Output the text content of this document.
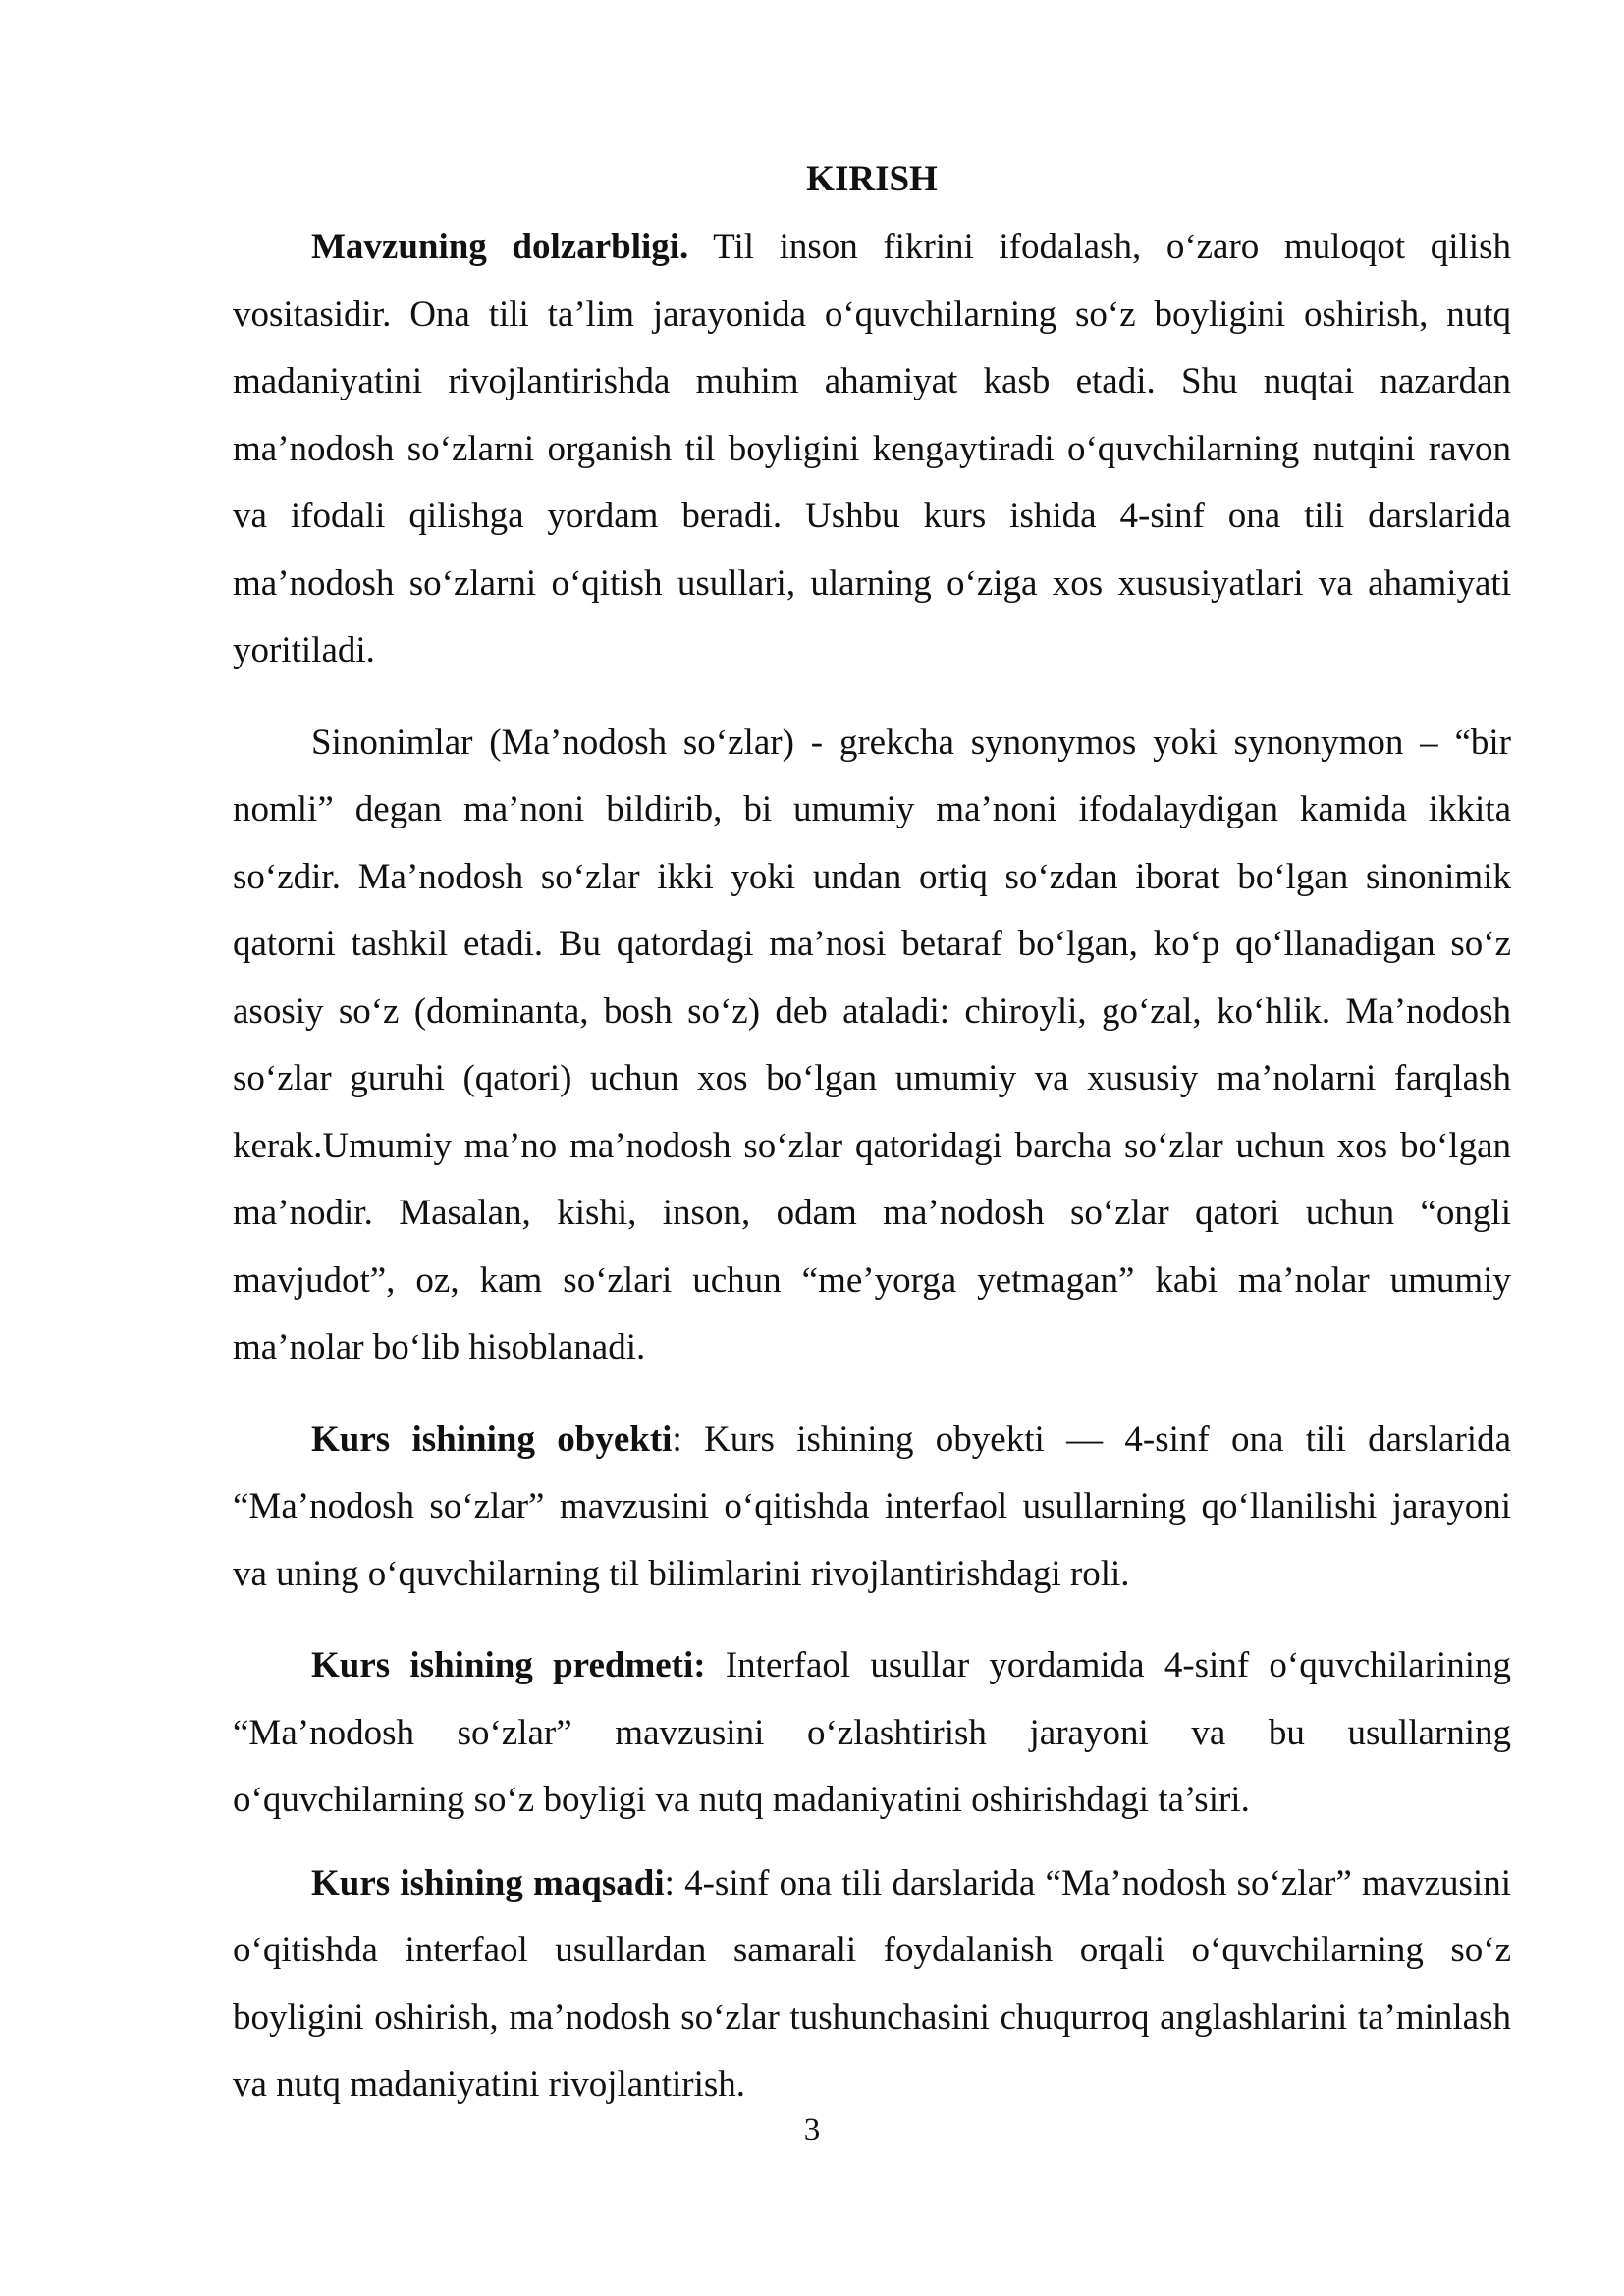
KIRISH

Mavzuning dolzarbligi. Til inson fikrini ifodalash, o‘zaro muloqot qilish vositasidir. Ona tili ta’lim jarayonida o‘quvchilarning so‘z boyligini oshirish, nutq madaniyatini rivojlantirishda muhim ahamiyat kasb etadi. Shu nuqtai nazardan ma’nodosh so‘zlarni organish til boyligini kengaytiradi o‘quvchilarning nutqini ravon va ifodali qilishga yordam beradi. Ushbu kurs ishida 4-sinf ona tili darslarida ma’nodosh so‘zlarni o‘qitish usullari, ularning o‘ziga xos xususiyatlari va ahamiyati yoritiladi.

Sinonimlar (Ma’nodosh so‘zlar) - grekcha synonymos yoki synonymon – “bir nomli” degan ma’noni bildirib, bi umumiy ma’noni ifodalaydigan kamida ikkita so‘zdir. Ma’nodosh so‘zlar ikki yoki undan ortiq so‘zdan iborat bo‘lgan sinonimik qatorni tashkil etadi. Bu qatordagi ma’nosi betaraf bo‘lgan, ko‘p qo‘llanadigan so‘z asosiy so‘z (dominanta, bosh so‘z) deb ataladi: chiroyli, go‘zal, ko‘hlik. Ma’nodosh so‘zlar guruhi (qatori) uchun xos bo‘lgan umumiy va xususiy ma’nolarni farqlash kerak.Umumiy ma’no ma’nodosh so‘zlar qatoridagi barcha so‘zlar uchun xos bo‘lgan ma’nodir. Masalan, kishi, inson, odam ma’nodosh so‘zlar qatori uchun “ongli mavjudot”, oz, kam so‘zlari uchun “me’yorga yetmagan” kabi ma’nolar umumiy ma’nolar bo‘lib hisoblanadi.

Kurs ishining obyekti: Kurs ishining obyekti — 4-sinf ona tili darslarida “Ma’nodosh so‘zlar” mavzusini o‘qitishda interfaol usullarning qo‘llanilishi jarayoni va uning o‘quvchilarning til bilimlarini rivojlantirishdagi roli.

Kurs ishining predmeti: Interfaol usullar yordamida 4-sinf o‘quvchilarining “Ma’nodosh so‘zlar” mavzusini o‘zlashtirish jarayoni va bu usullarning o‘quvchilarning so‘z boyligi va nutq madaniyatini oshirishdagi ta’siri.

Kurs ishining maqsadi: 4-sinf ona tili darslarida “Ma’nodosh so‘zlar” mavzusini o‘qitishda interfaol usullardan samarali foydalanish orqali o‘quvchilarning so‘z boyligini oshirish, ma’nodosh so‘zlar tushunchasini chuqurroq anglashlarini ta’minlash va nutq madaniyatini rivojlantirish.

3
